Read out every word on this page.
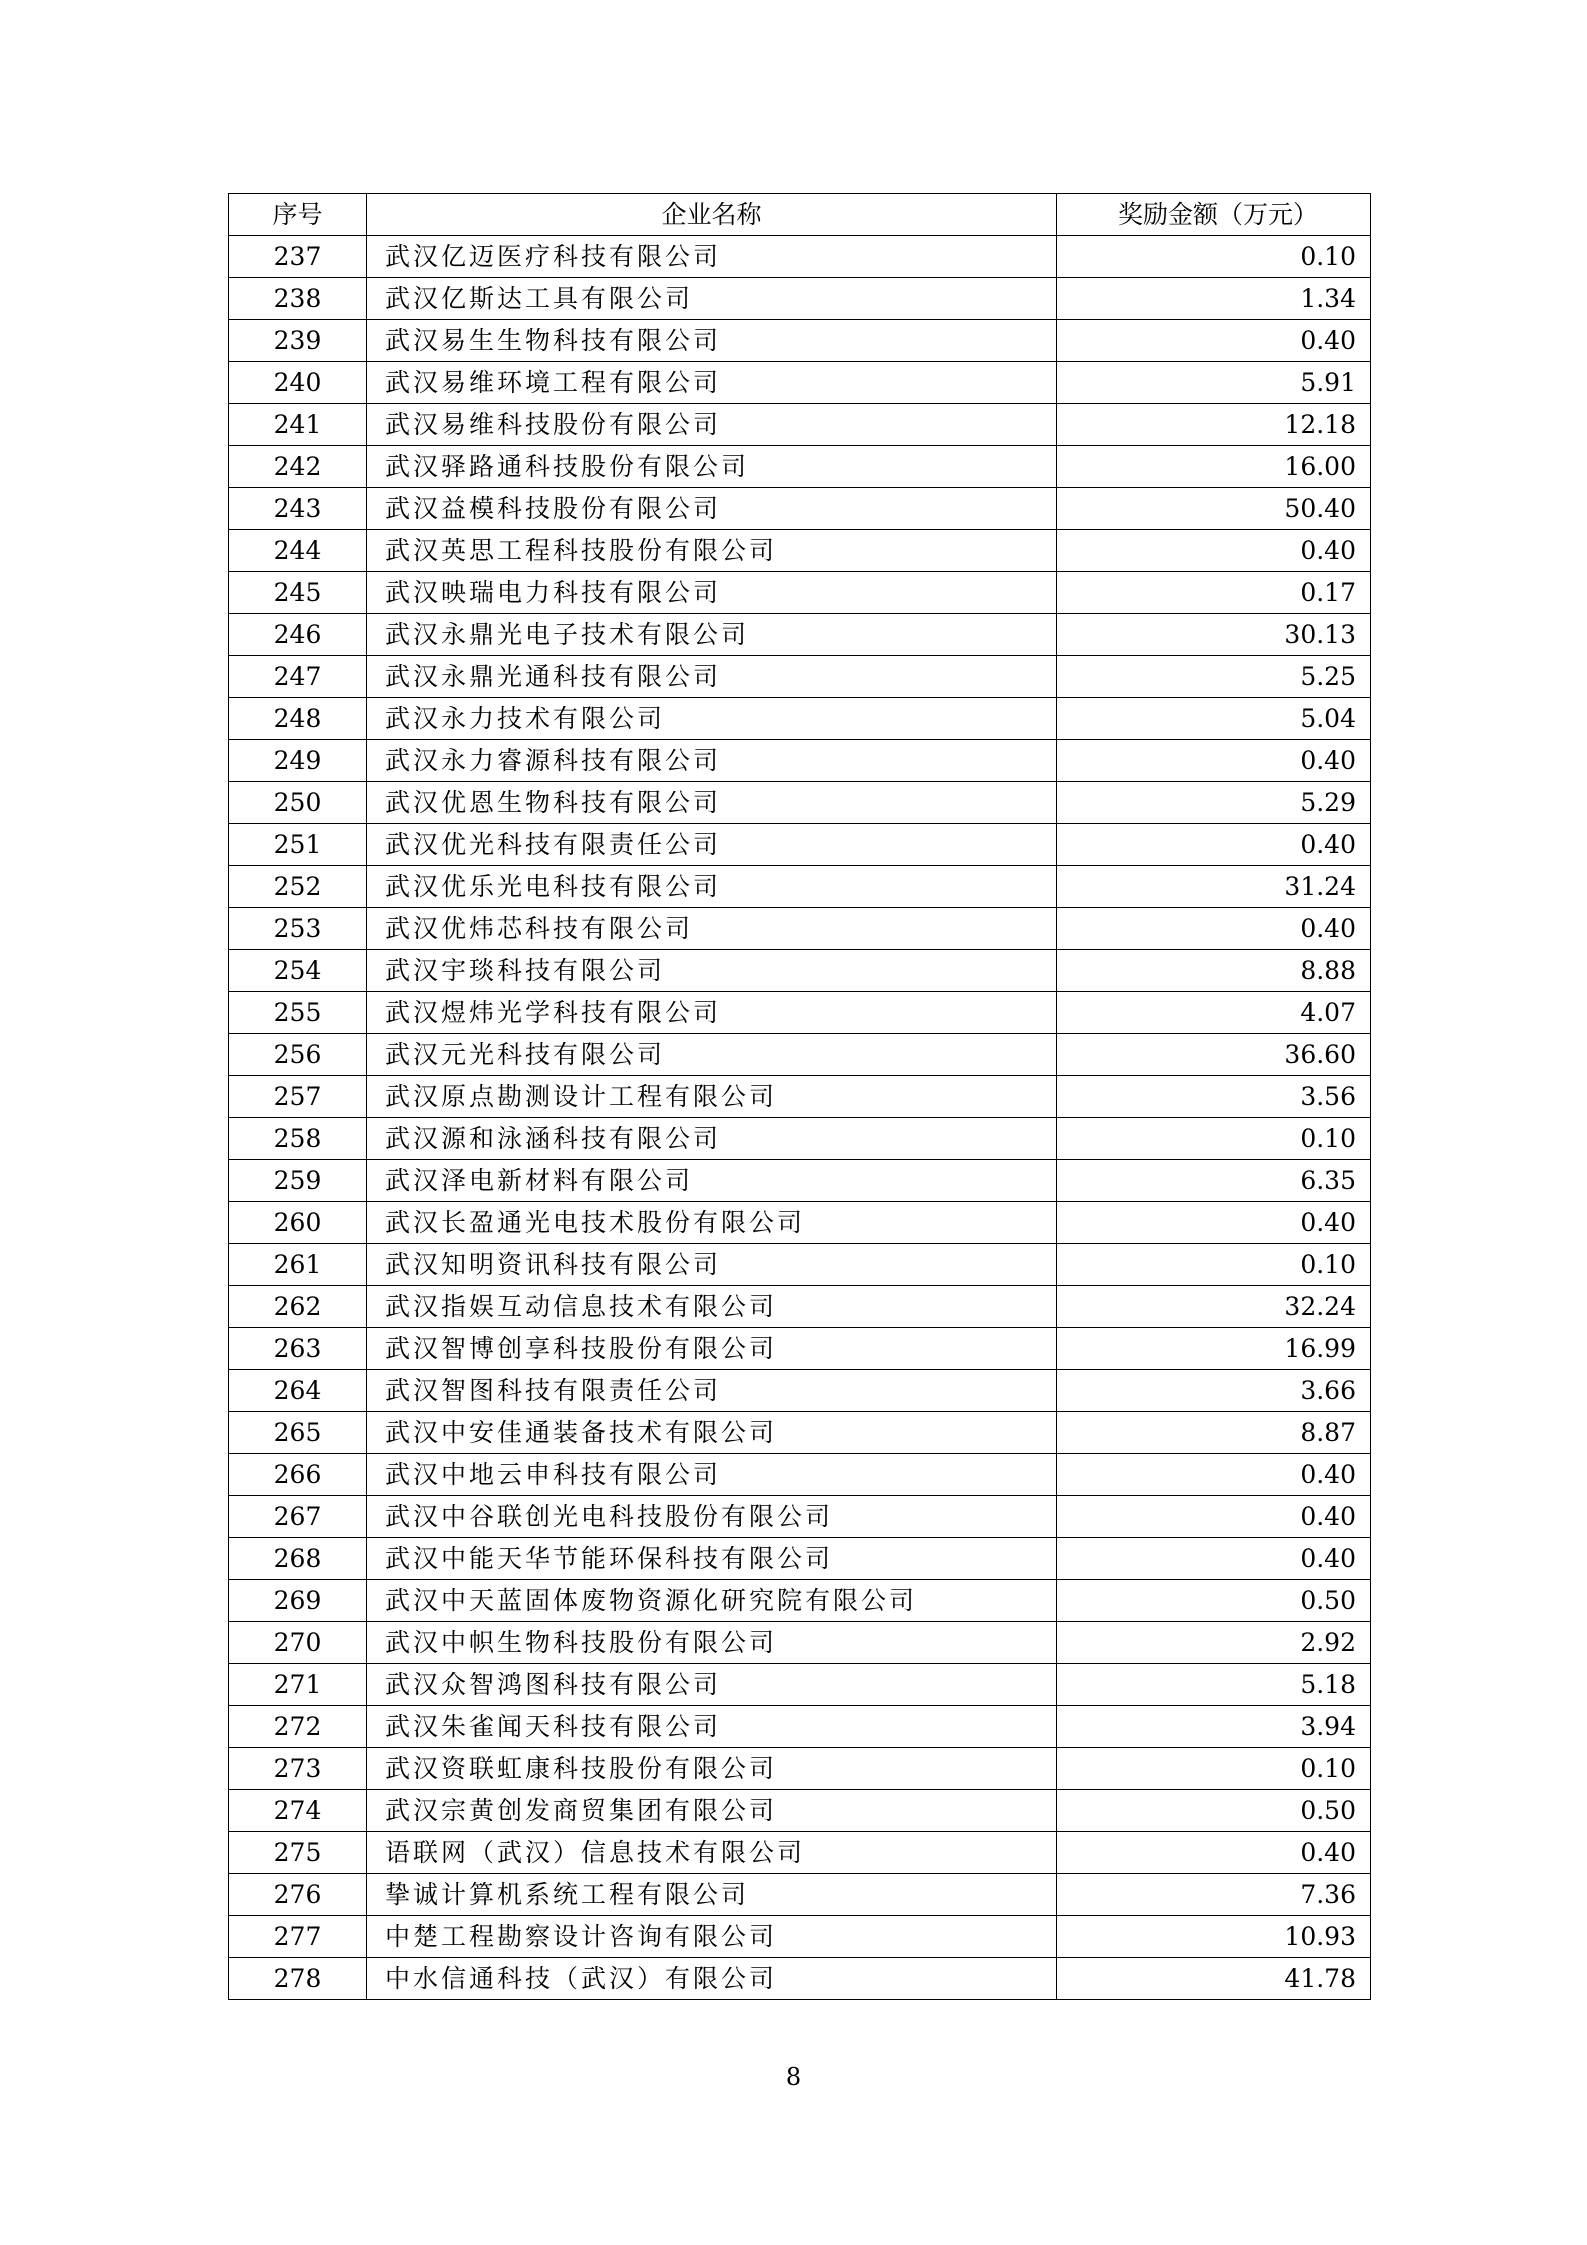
序号	企业名称	奖励金额（万元）
237	武汉亿迈医疗科技有限公司	0.10
238	武汉亿斯达工具有限公司	1.34
239	武汉易生生物科技有限公司	0.40
240	武汉易维环境工程有限公司	5.91
241	武汉易维科技股份有限公司	12.18
242	武汉驿路通科技股份有限公司	16.00
243	武汉益模科技股份有限公司	50.40
244	武汉英思工程科技股份有限公司	0.40
245	武汉映瑞电力科技有限公司	0.17
246	武汉永鼎光电子技术有限公司	30.13
247	武汉永鼎光通科技有限公司	5.25
248	武汉永力技术有限公司	5.04
249	武汉永力睿源科技有限公司	0.40
250	武汉优恩生物科技有限公司	5.29
251	武汉优光科技有限责任公司	0.40
252	武汉优乐光电科技有限公司	31.24
253	武汉优炜芯科技有限公司	0.40
254	武汉宇琰科技有限公司	8.88
255	武汉煜炜光学科技有限公司	4.07
256	武汉元光科技有限公司	36.60
257	武汉原点勘测设计工程有限公司	3.56
258	武汉源和泳涵科技有限公司	0.10
259	武汉泽电新材料有限公司	6.35
260	武汉长盈通光电技术股份有限公司	0.40
261	武汉知明资讯科技有限公司	0.10
262	武汉指娱互动信息技术有限公司	32.24
263	武汉智博创享科技股份有限公司	16.99
264	武汉智图科技有限责任公司	3.66
265	武汉中安佳通装备技术有限公司	8.87
266	武汉中地云申科技有限公司	0.40
267	武汉中谷联创光电科技股份有限公司	0.40
268	武汉中能天华节能环保科技有限公司	0.40
269	武汉中天蓝固体废物资源化研究院有限公司	0.50
270	武汉中帜生物科技股份有限公司	2.92
271	武汉众智鸿图科技有限公司	5.18
272	武汉朱雀闻天科技有限公司	3.94
273	武汉资联虹康科技股份有限公司	0.10
274	武汉宗黄创发商贸集团有限公司	0.50
275	语联网（武汉）信息技术有限公司	0.40
276	挚诚计算机系统工程有限公司	7.36
277	中楚工程勘察设计咨询有限公司	10.93
278	中水信通科技（武汉）有限公司	41.78
8
